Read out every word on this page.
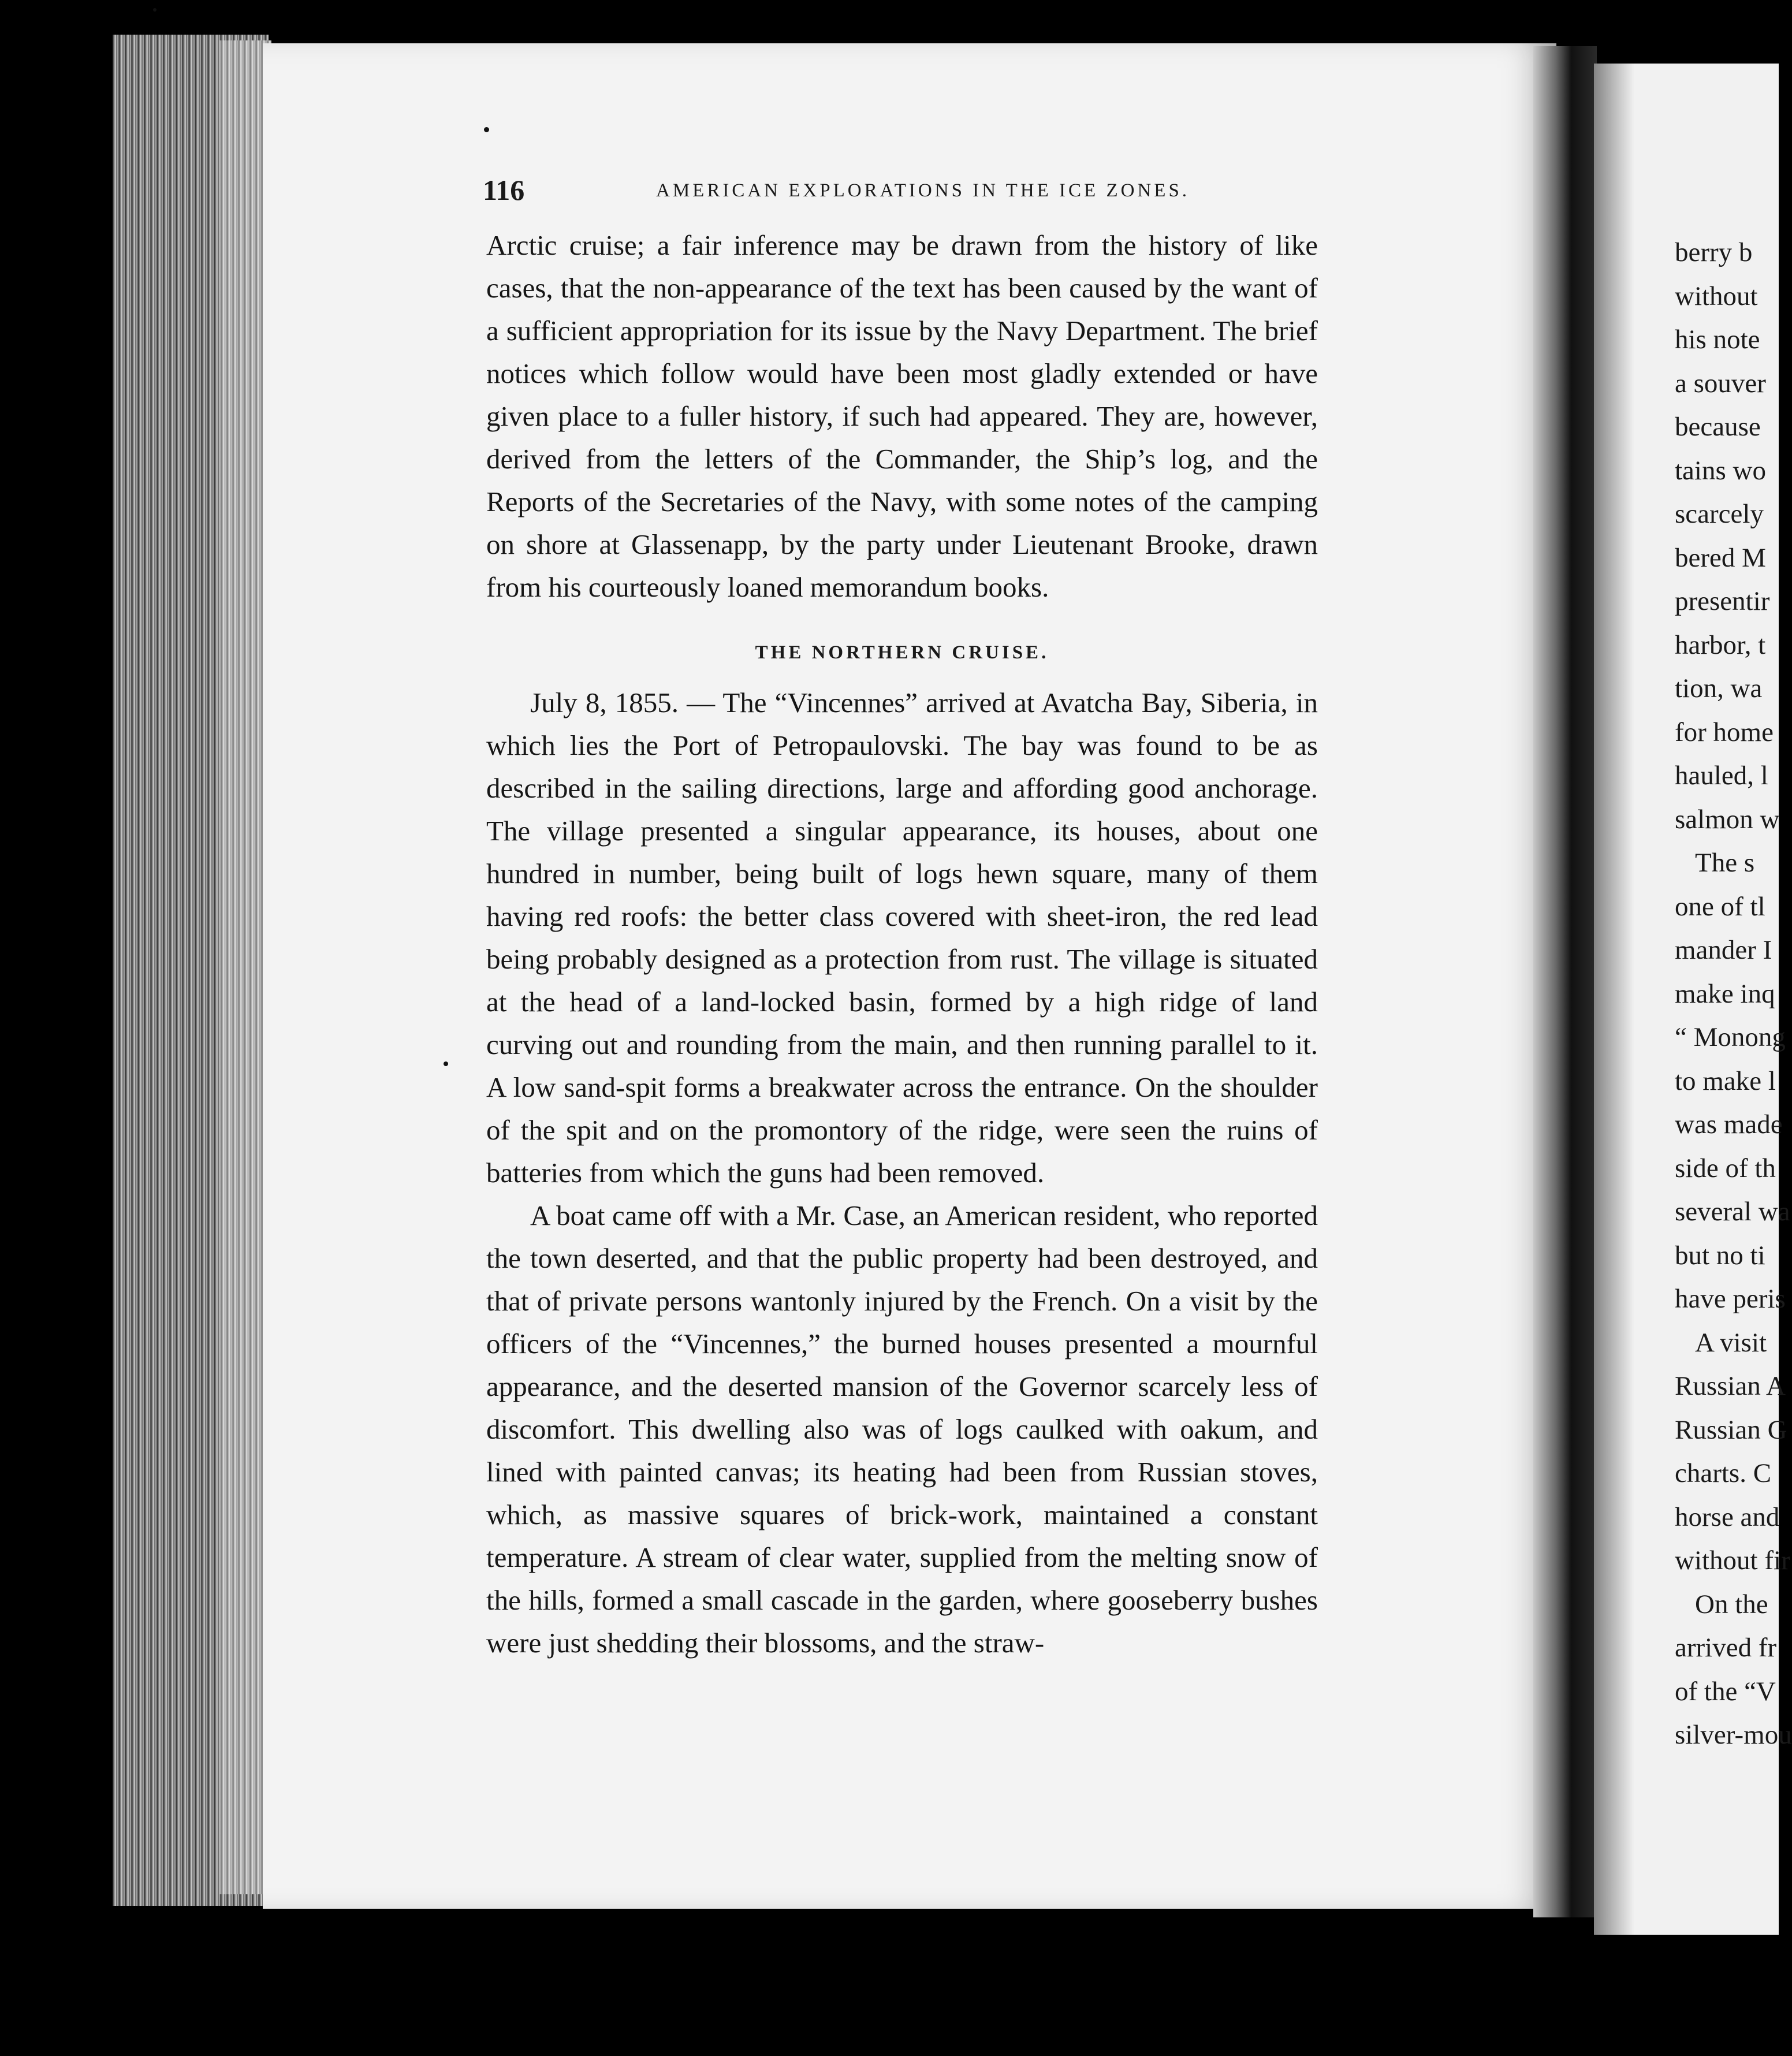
116	AMERICAN EXPLORATIONS IN THE ICE ZONES.

Arctic cruise; a fair inference may be drawn from the history of like cases, that the non-appearance of the text has been caused by the want of a sufficient appropriation for its issue by the Navy Department. The brief notices which follow would have been most gladly extended or have given place to a fuller history, if such had appeared. They are, however, derived from the letters of the Commander, the Ship’s log, and the Reports of the Secretaries of the Navy, with some notes of the camping on shore at Glassenapp, by the party under Lieutenant Brooke, drawn from his courteously loaned memorandum books.

THE NORTHERN CRUISE.

July 8, 1855. — The “Vincennes” arrived at Avatcha Bay, Siberia, in which lies the Port of Petropaulovski. The bay was found to be as described in the sailing directions, large and affording good anchorage. The village presented a singular appearance, its houses, about one hundred in number, being built of logs hewn square, many of them having red roofs: the better class covered with sheet-iron, the red lead being probably designed as a protection from rust. The village is situated at the head of a land-locked basin, formed by a high ridge of land curving out and rounding from the main, and then running parallel to it. A low sand-spit forms a breakwater across the entrance. On the shoulder of the spit and on the promontory of the ridge, were seen the ruins of batteries from which the guns had been removed.

A boat came off with a Mr. Case, an American resident, who reported the town deserted, and that the public property had been destroyed, and that of private persons wantonly injured by the French. On a visit by the officers of the “Vincennes,” the burned houses presented a mournful appearance, and the deserted mansion of the Governor scarcely less of discomfort. This dwelling also was of logs caulked with oakum, and lined with painted canvas; its heating had been from Russian stoves, which, as massive squares of brick-work, maintained a constant temperature. A stream of clear water, supplied from the melting snow of the hills, formed a small cascade in the garden, where gooseberry bushes were just shedding their blossoms, and the straw-

berry b
without
his note
a souver
because
tains wo
scarcely
bered M
presentir
harbor, t
tion, wa
for home
hauled, l
salmon w
The s
one of tl
mander I
make inq
“ Monong
to make l
was made
side of th
several wa
but no ti
have peris
A visit
Russian A
Russian G
charts. C
horse and
without fir
On the
arrived fr
of the “V
silver-mou
